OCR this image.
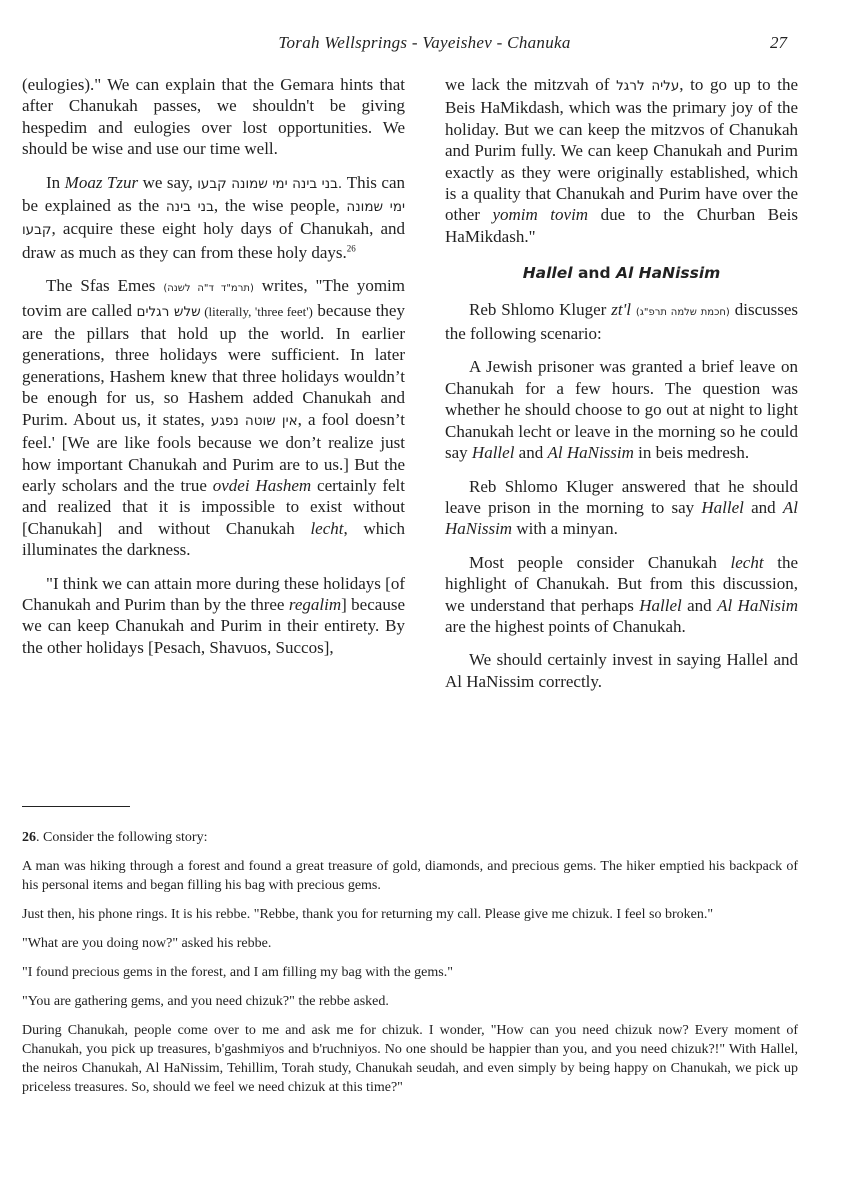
Torah Wellsprings - Vayeishev - Chanuka	27

(eulogies)." We can explain that the Gemara hints that after Chanukah passes, we shouldn't be giving hespedim and eulogies over lost opportunities. We should be wise and use our time well.

In Moaz Tzur we say, בני בינה ימי שמונה קבעו. This can be explained as the בני בינה, the wise people, ימי שמונה קבעו, acquire these eight holy days of Chanukah, and draw as much as they can from these holy days.$^{26}$

The Sfas Emes (תרמ"ד ד"ה לשנה) writes, "The yomim tovim are called שלש רגלים (literally, 'three feet') because they are the pillars that hold up the world. In earlier generations, three holidays were sufficient. In later generations, Hashem knew that three holidays wouldn’t be enough for us, so Hashem added Chanukah and Purim. About us, it states, אין שוטה נפגע, a fool doesn’t feel.' [We are like fools because we don’t realize just how important Chanukah and Purim are to us.] But the early scholars and the true ovdei Hashem certainly felt and realized that it is impossible to exist without [Chanukah] and without Chanukah lecht, which illuminates the darkness.

"I think we can attain more during these holidays [of Chanukah and Purim than by the three regalim] because we can keep Chanukah and Purim in their entirety. By the other holidays [Pesach, Shavuos, Succos],

we lack the mitzvah of עליה לרגל, to go up to the Beis HaMikdash, which was the primary joy of the holiday. But we can keep the mitzvos of Chanukah and Purim fully. We can keep Chanukah and Purim exactly as they were originally established, which is a quality that Chanukah and Purim have over the other yomim tovim due to the Churban Beis HaMikdash."

Hallel and Al HaNissim

Reb Shlomo Kluger zt'l (חכמת שלמה תרפ"ג) discusses the following scenario:

A Jewish prisoner was granted a brief leave on Chanukah for a few hours. The question was whether he should choose to go out at night to light Chanukah lecht or leave in the morning so he could say Hallel and Al HaNissim in beis medresh.

Reb Shlomo Kluger answered that he should leave prison in the morning to say Hallel and Al HaNissim with a minyan.

Most people consider Chanukah lecht the highlight of Chanukah. But from this discussion, we understand that perhaps Hallel and Al HaNisim are the highest points of Chanukah.

We should certainly invest in saying Hallel and Al HaNissim correctly.

26. Consider the following story:

A man was hiking through a forest and found a great treasure of gold, diamonds, and precious gems. The hiker emptied his backpack of his personal items and began filling his bag with precious gems.

Just then, his phone rings. It is his rebbe. "Rebbe, thank you for returning my call. Please give me chizuk. I feel so broken."

"What are you doing now?" asked his rebbe.

"I found precious gems in the forest, and I am filling my bag with the gems."

"You are gathering gems, and you need chizuk?" the rebbe asked.

During Chanukah, people come over to me and ask me for chizuk. I wonder, "How can you need chizuk now? Every moment of Chanukah, you pick up treasures, b'gashmiyos and b'ruchniyos. No one should be happier than you, and you need chizuk?!" With Hallel, the neiros Chanukah, Al HaNissim, Tehillim, Torah study, Chanukah seudah, and even simply by being happy on Chanukah, we pick up priceless treasures. So, should we feel we need chizuk at this time?"
